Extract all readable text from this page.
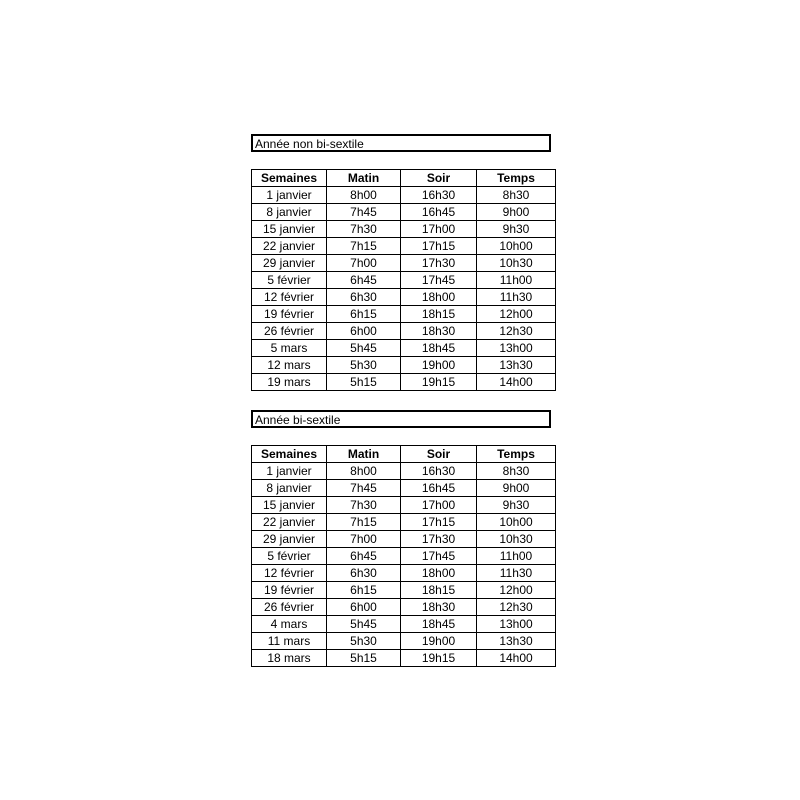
Année non bi-sextile
Semaines	Matin	Soir	Temps
1 janvier	8h00	16h30	8h30
8 janvier	7h45	16h45	9h00
15 janvier	7h30	17h00	9h30
22 janvier	7h15	17h15	10h00
29 janvier	7h00	17h30	10h30
5 février	6h45	17h45	11h00
12 février	6h30	18h00	11h30
19 février	6h15	18h15	12h00
26 février	6h00	18h30	12h30
5 mars	5h45	18h45	13h00
12 mars	5h30	19h00	13h30
19 mars	5h15	19h15	14h00
Année bi-sextile
Semaines	Matin	Soir	Temps
1 janvier	8h00	16h30	8h30
8 janvier	7h45	16h45	9h00
15 janvier	7h30	17h00	9h30
22 janvier	7h15	17h15	10h00
29 janvier	7h00	17h30	10h30
5 février	6h45	17h45	11h00
12 février	6h30	18h00	11h30
19 février	6h15	18h15	12h00
26 février	6h00	18h30	12h30
4 mars	5h45	18h45	13h00
11 mars	5h30	19h00	13h30
18 mars	5h15	19h15	14h00
